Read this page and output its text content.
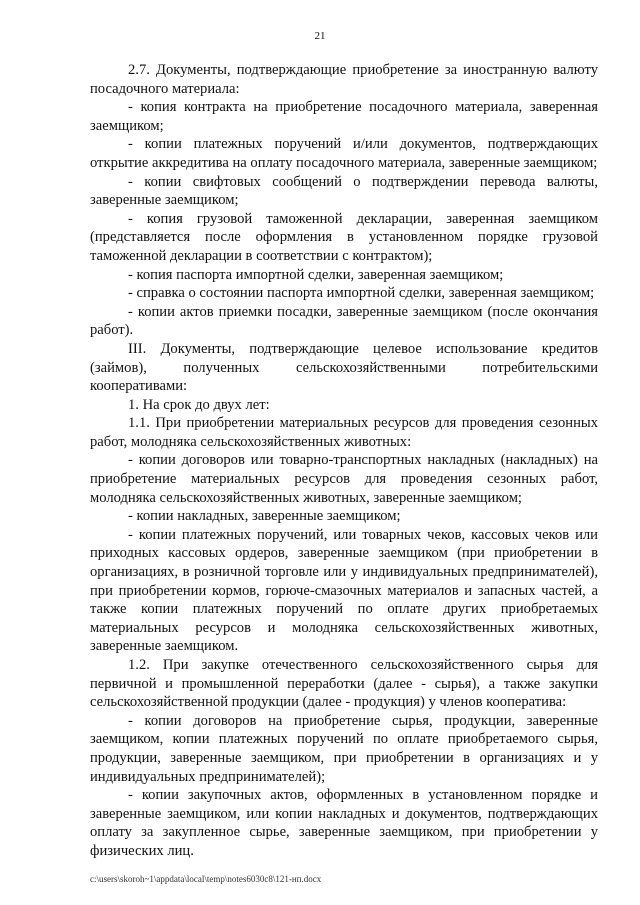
21

2.7. Документы, подтверждающие приобретение за иностранную валюту посадочного материала:

- копия контракта на приобретение посадочного материала, заверенная заемщиком;

- копии платежных поручений и/или документов, подтверждающих открытие аккредитива на оплату посадочного материала, заверенные заемщиком;

- копии свифтовых сообщений о подтверждении перевода валюты, заверенные заемщиком;

- копия грузовой таможенной декларации, заверенная заемщиком (представляется после оформления в установленном порядке грузовой таможенной декларации в соответствии с контрактом);

- копия паспорта импортной сделки, заверенная заемщиком;

- справка о состоянии паспорта импортной сделки, заверенная заемщиком;

- копии актов приемки посадки, заверенные заемщиком (после окончания работ).

III. Документы, подтверждающие целевое использование кредитов (займов), полученных сельскохозяйственными потребительскими кооперативами:

1. На срок до двух лет:

1.1. При приобретении материальных ресурсов для проведения сезонных работ, молодняка сельскохозяйственных животных:

- копии договоров или товарно-транспортных накладных (накладных) на приобретение материальных ресурсов для проведения сезонных работ, молодняка сельскохозяйственных животных, заверенные заемщиком;

- копии накладных, заверенные заемщиком;

- копии платежных поручений, или товарных чеков, кассовых чеков или приходных кассовых ордеров, заверенные заемщиком (при приобретении в организациях, в розничной торговле или у индивидуальных предпринимателей), при приобретении кормов, горюче-смазочных материалов и запасных частей, а также копии платежных поручений по оплате других приобретаемых материальных ресурсов и молодняка сельскохозяйственных животных, заверенные заемщиком.

1.2. При закупке отечественного сельскохозяйственного сырья для первичной и промышленной переработки (далее - сырья), а также закупки сельскохозяйственной продукции (далее - продукция) у членов кооператива:

- копии договоров на приобретение сырья, продукции, заверенные заемщиком, копии платежных поручений по оплате приобретаемого сырья, продукции, заверенные заемщиком, при приобретении в организациях и у индивидуальных предпринимателей);

- копии закупочных актов, оформленных в установленном порядке и заверенные заемщиком, или копии накладных и документов, подтверждающих оплату за закупленное сырье, заверенные заемщиком, при приобретении у физических лиц.

c:\users\skoroh~1\appdata\local\temp\notes6030c8\121-нп.docx
